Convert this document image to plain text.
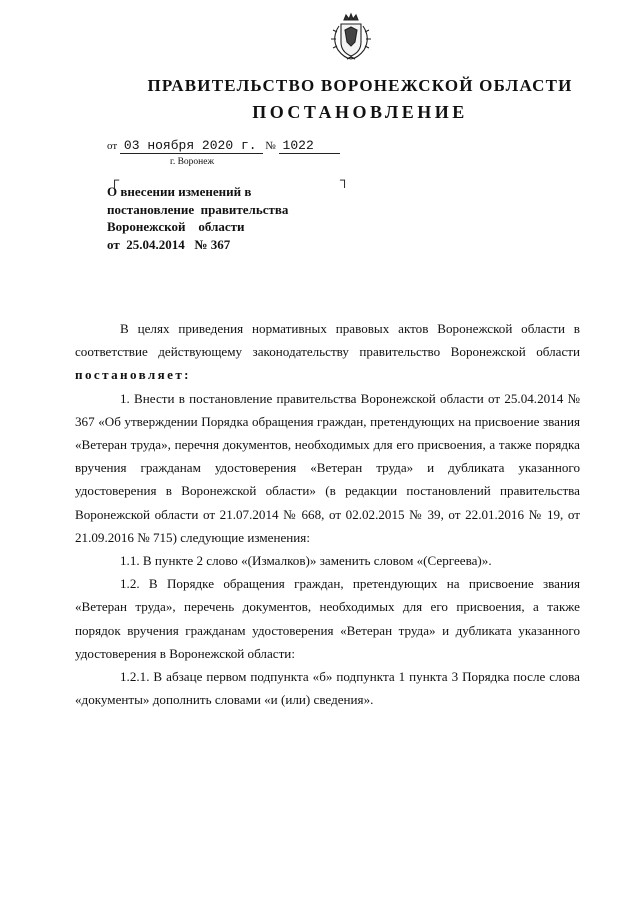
ПРАВИТЕЛЬСТВО ВОРОНЕЖСКОЙ ОБЛАСТИ
ПОСТАНОВЛЕНИЕ
от 03 ноября 2020 г. № 1022
г. Воронеж
┌	┐
О внесении изменений в
постановление  правительства
Воронежской    области
от  25.04.2014   № 367

В целях приведения нормативных правовых актов Воронежской области в соответствие действующему законодательству правительство Воронежской области постановляет:

1. Внести в постановление правительства Воронежской области от 25.04.2014 № 367 «Об утверждении Порядка обращения граждан, претендующих на присвоение звания «Ветеран труда», перечня документов, необходимых для его присвоения, а также порядка вручения гражданам удостоверения «Ветеран труда» и дубликата указанного удостоверения в Воронежской области» (в редакции постановлений правительства Воронежской области от 21.07.2014 № 668, от 02.02.2015 № 39, от 22.01.2016 № 19, от 21.09.2016 № 715) следующие изменения:

1.1. В пункте 2 слово «(Измалков)» заменить словом «(Сергеева)».

1.2. В Порядке обращения граждан, претендующих на присвоение звания «Ветеран труда», перечень документов, необходимых для его присвоения, а также порядок вручения гражданам удостоверения «Ветеран труда» и дубликата указанного удостоверения в Воронежской области:

1.2.1. В абзаце первом подпункта «б» подпункта 1 пункта 3 Порядка после слова «документы» дополнить словами «и (или) сведения».
